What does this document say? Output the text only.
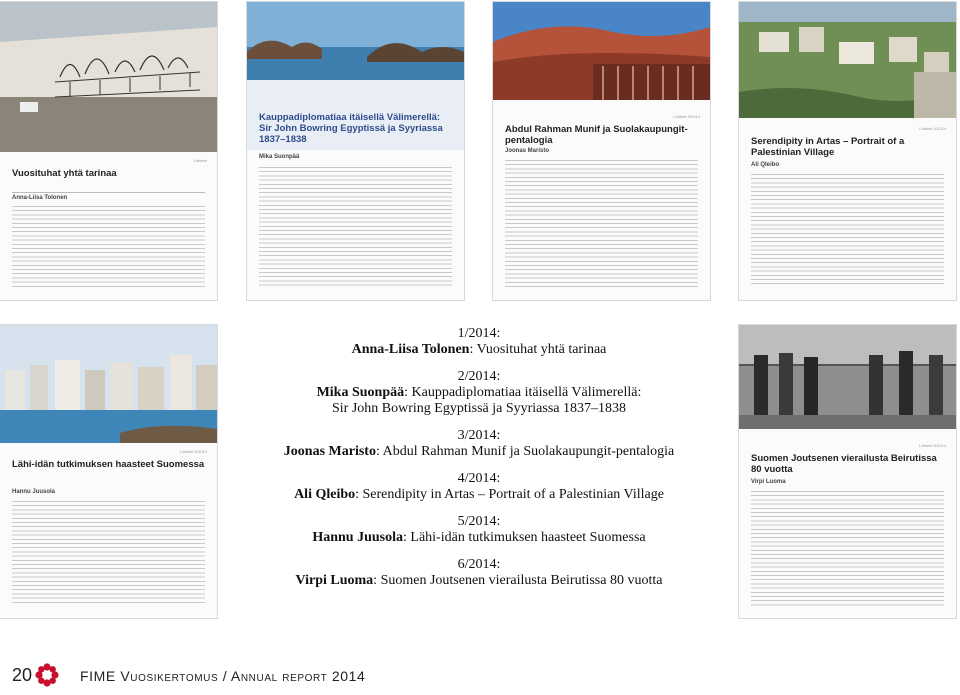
Lähteet
Vuosituhat yhtä tarinaa
Anna-Liisa Tolonen
Kauppadiplomatiaa itäisellä Välimerellä: Sir John Bowring Egyptissä ja Syyriassa 1837–1838
Mika Suonpää
Lähteet 3/2014
Abdul Rahman Munif ja Suolakaupungit-pentalogia
Joonas Maristo
Lähteet 4/2014
Serendipity in Artas – Portrait of a Palestinian Village
Ali Qleibo
Lähteet 5/2014
Lähi-idän tutkimuksen haasteet Suomessa
Hannu Juusola
Lähteet 6/2014
Suomen Joutsenen vierailusta Beirutissa 80 vuotta
Virpi Luoma
1/2014:
Anna-Liisa Tolonen: Vuosituhat yhtä tarinaa
2/2014:
Mika Suonpää: Kauppadiplomatiaa itäisellä Välimerellä:
Sir John Bowring Egyptissä ja Syyriassa 1837–1838
3/2014:
Joonas Maristo: Abdul Rahman Munif ja Suolakaupungit-pentalogia
4/2014:
Ali Qleibo: Serendipity in Artas – Portrait of a Palestinian Village
5/2014:
Hannu Juusola: Lähi-idän tutkimuksen haasteet Suomessa
6/2014:
Virpi Luoma: Suomen Joutsenen vierailusta Beirutissa 80 vuotta
20	FIME Vuosikertomus / Annual report 2014
